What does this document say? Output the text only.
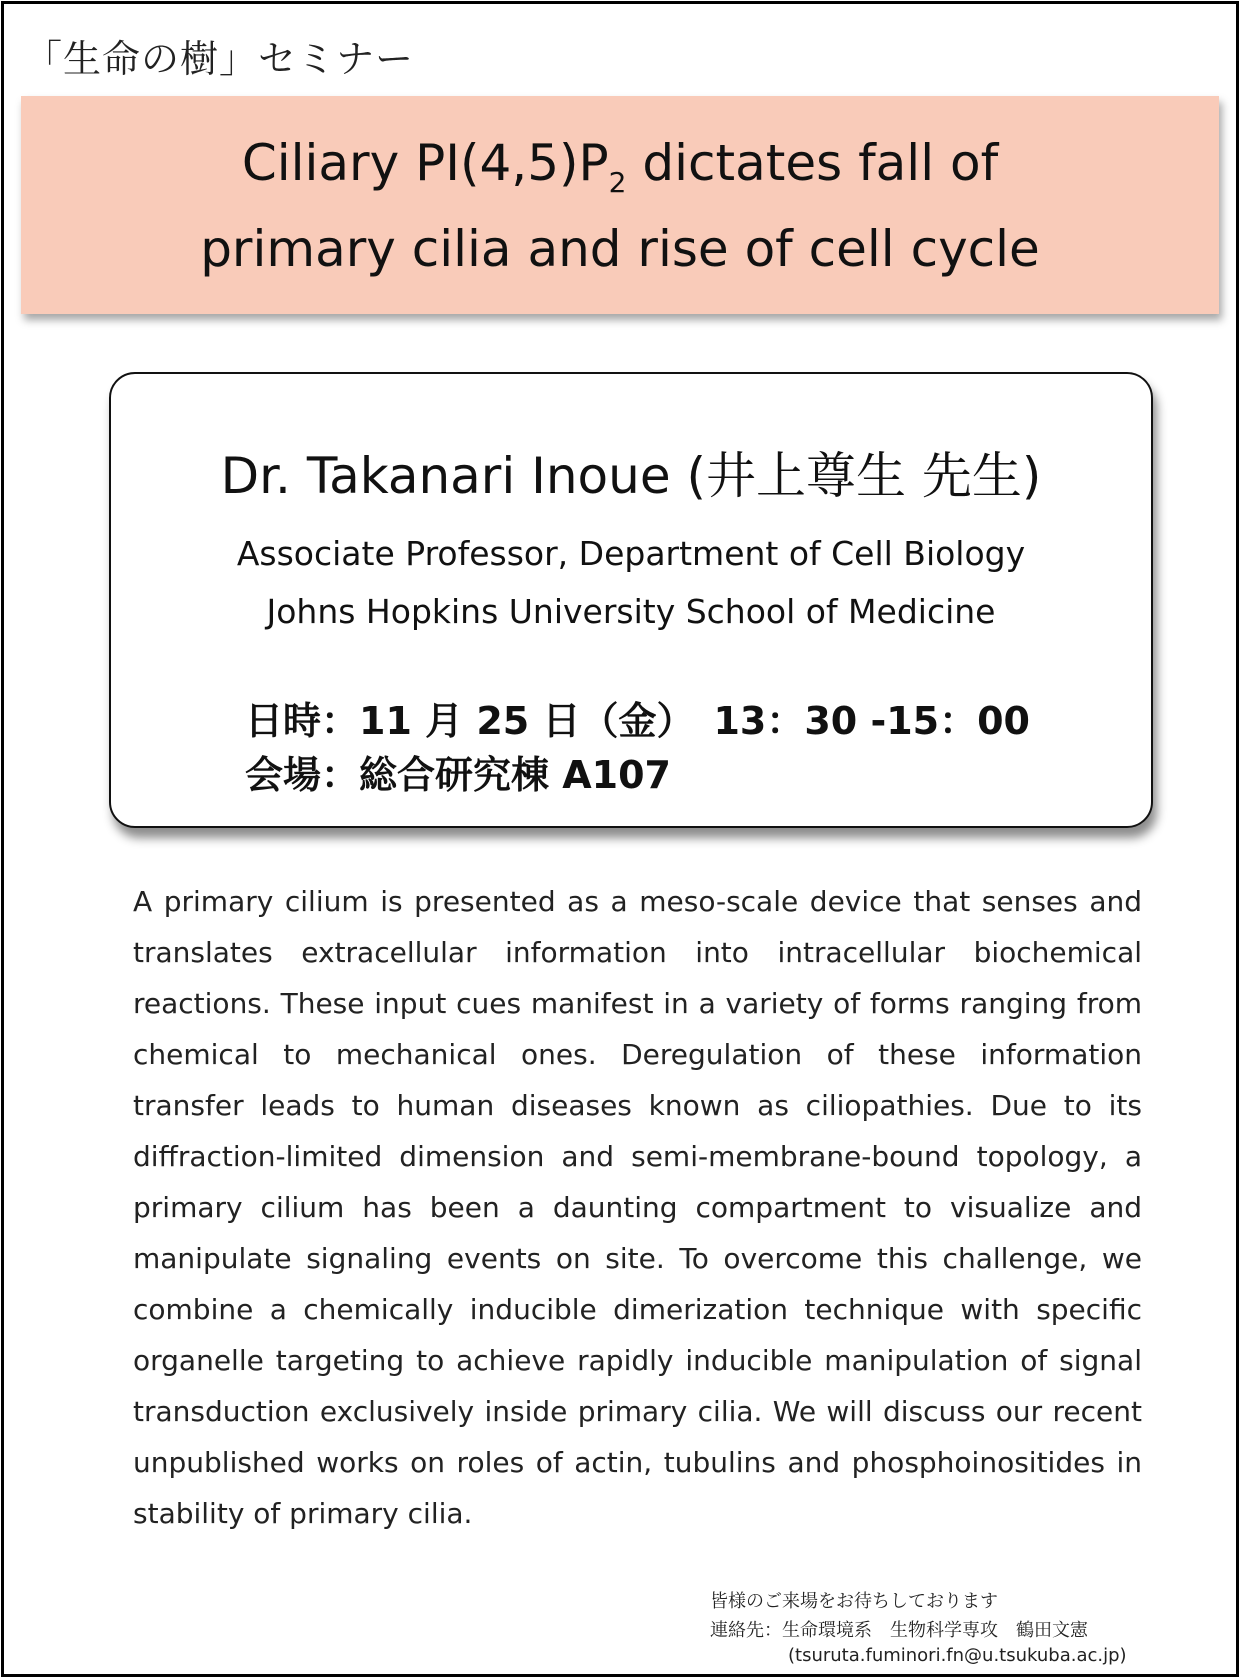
「生命の樹」セミナー
Ciliary $PI(4,5)P_2$ dictates fall of
primary cilia and rise of cell cycle
Dr. Takanari Inoue (井上尊生 先生)
Associate Professor, Department of Cell Biology
Johns Hopkins University School of Medicine
日時：11 月 25 日（金）　13：30 -15：00
会場：総合研究棟 A107

A primary cilium is presented as a meso-scale device that senses and translates extracellular information into intracellular biochemical reactions. These input cues manifest in a variety of forms ranging from chemical to mechanical ones. Deregulation of these information transfer leads to human diseases known as ciliopathies. Due to its diffraction-limited dimension and semi-membrane-bound topology, a primary cilium has been a daunting compartment to visualize and manipulate signaling events on site. To overcome this challenge, we combine a chemically inducible dimerization technique with specific organelle targeting to achieve rapidly inducible manipulation of signal transduction exclusively inside primary cilia. We will discuss our recent unpublished works on roles of actin, tubulins and phosphoinositides in stability of primary cilia.

皆様のご来場をお待ちしております
連絡先：生命環境系　生物科学専攻　鶴田文憲
(tsuruta.fuminori.fn@u.tsukuba.ac.jp)
